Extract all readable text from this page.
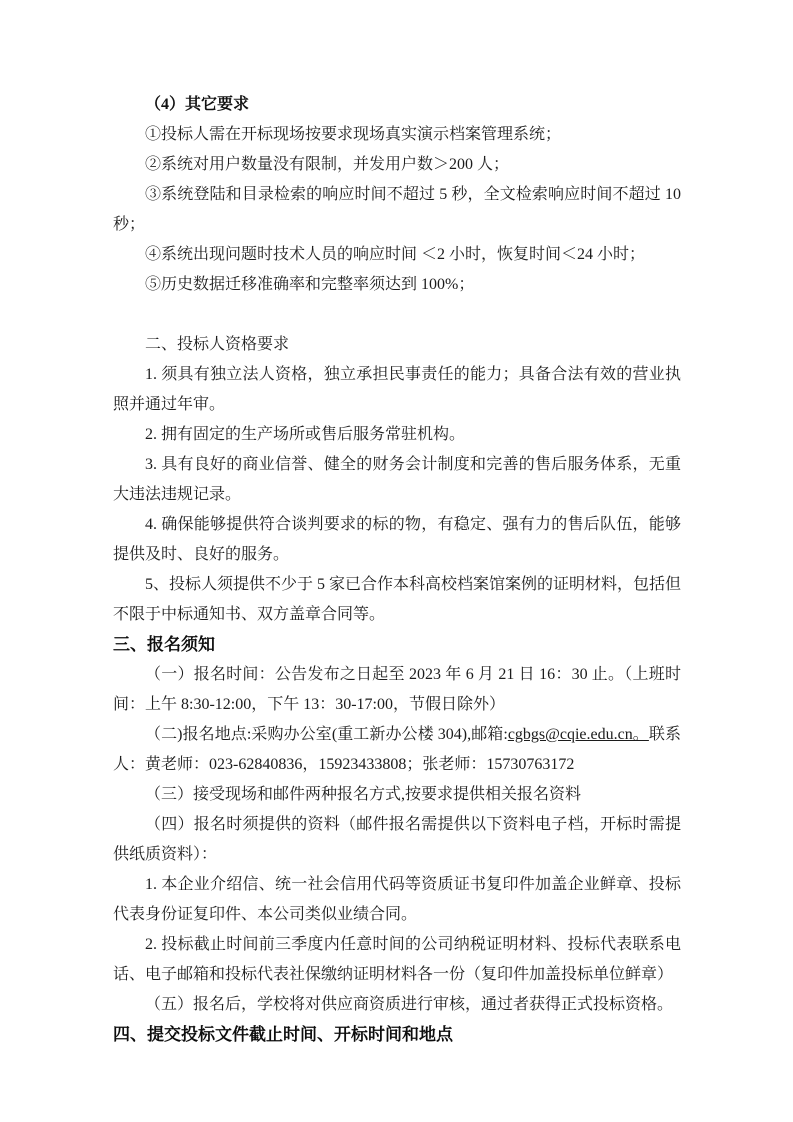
（4）其它要求

①投标人需在开标现场按要求现场真实演示档案管理系统；

②系统对用户数量没有限制，并发用户数＞200 人；

③系统登陆和目录检索的响应时间不超过 5 秒，全文检索响应时间不超过 10 秒；

④系统出现问题时技术人员的响应时间 ＜2 小时，恢复时间＜24 小时；

⑤历史数据迁移准确率和完整率须达到 100%；

二、投标人资格要求

1. 须具有独立法人资格，独立承担民事责任的能力；具备合法有效的营业执照并通过年审。

2. 拥有固定的生产场所或售后服务常驻机构。

3. 具有良好的商业信誉、健全的财务会计制度和完善的售后服务体系，无重大违法违规记录。

4. 确保能够提供符合谈判要求的标的物，有稳定、强有力的售后队伍，能够提供及时、良好的服务。

5、投标人须提供不少于 5 家已合作本科高校档案馆案例的证明材料，包括但不限于中标通知书、双方盖章合同等。

三、报名须知

（一）报名时间：公告发布之日起至 2023 年 6 月 21 日 16：30 止。（上班时间：上午 8:30-12:00，下午 13：30-17:00，节假日除外）

（二)报名地点:采购办公室(重工新办公楼 304),邮箱:cgbgs@cqie.edu.cn。联系人：黄老师：023-62840836，15923433808；张老师：15730763172

（三）接受现场和邮件两种报名方式,按要求提供相关报名资料

（四）报名时须提供的资料（邮件报名需提供以下资料电子档，开标时需提供纸质资料）：

1. 本企业介绍信、统一社会信用代码等资质证书复印件加盖企业鲜章、投标代表身份证复印件、本公司类似业绩合同。

2. 投标截止时间前三季度内任意时间的公司纳税证明材料、投标代表联系电话、电子邮箱和投标代表社保缴纳证明材料各一份（复印件加盖投标单位鲜章）

（五）报名后，学校将对供应商资质进行审核，通过者获得正式投标资格。

四、提交投标文件截止时间、开标时间和地点
